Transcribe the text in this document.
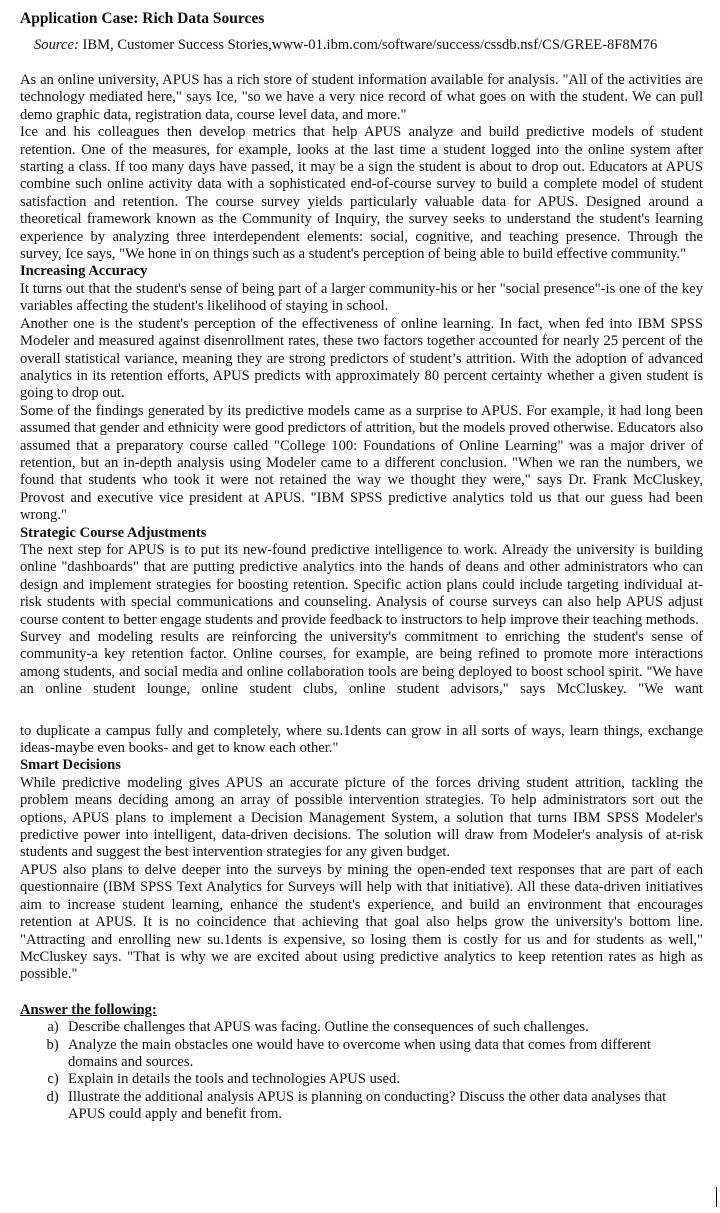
Application Case: Rich Data Sources
Source: IBM, Customer Success Stories,www-01.ibm.com/software/success/cssdb.nsf/CS/GREE-8F8M76

As an online university, APUS has a rich store of student information available for analysis. "All of the activities are technology mediated here," says Ice, "so we have a very nice record of what goes on with the student. We can pull demo graphic data, registration data, course level data, and more."

Ice and his colleagues then develop metrics that help APUS analyze and build predictive models of student retention. One of the measures, for example, looks at the last time a student logged into the online system after starting a class. If too many days have passed, it may be a sign the student is about to drop out. Educators at APUS combine such online activity data with a sophisticated end-of-course survey to build a complete model of student satisfaction and retention. The course survey yields particularly valuable data for APUS. Designed around a theoretical framework known as the Community of Inquiry, the survey seeks to understand the student's learning experience by analyzing three interdependent elements: social, cognitive, and teaching presence. Through the survey, Ice says, "We hone in on things such as a student's perception of being able to build effective community."

Increasing Accuracy

It turns out that the student's sense of being part of a larger community-his or her "social presence"-is one of the key variables affecting the student's likelihood of staying in school.

Another one is the student's perception of the effectiveness of online learning. In fact, when fed into IBM SPSS Modeler and measured against disenrollment rates, these two factors together accounted for nearly 25 percent of the overall statistical variance, meaning they are strong predictors of student’s attrition. With the adoption of advanced analytics in its retention efforts, APUS predicts with approximately 80 percent certainty whether a given student is going to drop out.

Some of the findings generated by its predictive models came as a surprise to APUS. For example, it had long been assumed that gender and ethnicity were good predictors of attrition, but the models proved otherwise. Educators also assumed that a preparatory course called "College 100: Foundations of Online Learning" was a major driver of retention, but an in-depth analysis using Modeler came to a different conclusion. "When we ran the numbers, we found that students who took it were not retained the way we thought they were," says Dr. Frank McCluskey, Provost and executive vice president at APUS. "IBM SPSS predictive analytics told us that our guess had been wrong."

Strategic Course Adjustments

The next step for APUS is to put its new-found predictive intelligence to work. Already the university is building online "dashboards" that are putting predictive analytics into the hands of deans and other administrators who can design and implement strategies for boosting retention. Specific action plans could include targeting individual at-risk students with special communications and counseling. Analysis of course surveys can also help APUS adjust course content to better engage students and provide feedback to instructors to help improve their teaching methods.

Survey and modeling results are reinforcing the university's commitment to enriching the student's sense of community-a key retention factor. Online courses, for example, are being refined to promote more interactions among students, and social media and online collaboration tools are being deployed to boost school spirit. "We have an online student lounge, online student clubs, online student advisors," says McCluskey. "We want

to duplicate a campus fully and completely, where su.1dents can grow in all sorts of ways, learn things, exchange ideas-maybe even books- and get to know each other."

Smart Decisions

While predictive modeling gives APUS an accurate picture of the forces driving student attrition, tackling the problem means deciding among an array of possible intervention strategies. To help administrators sort out the options, APUS plans to implement a Decision Management System, a solution that turns IBM SPSS Modeler's predictive power into intelligent, data-driven decisions. The solution will draw from Modeler's analysis of at-risk students and suggest the best intervention strategies for any given budget.

APUS also plans to delve deeper into the surveys by mining the open-ended text responses that are part of each questionnaire (IBM SPSS Text Analytics for Surveys will help with that initiative). All these data-driven initiatives aim to increase student learning, enhance the student's experience, and build an environment that encourages retention at APUS. It is no coincidence that achieving that goal also helps grow the university's bottom line. "Attracting and enrolling new su.1dents is expensive, so losing them is costly for us and for students as well," McCluskey says. "That is why we are excited about using predictive analytics to keep retention rates as high as possible."

Answer the following:
a. Describe challenges that APUS was facing. Outline the consequences of such challenges.
b. Analyze the main obstacles one would have to overcome when using data that comes from different domains and sources.
c. Explain in details the tools and technologies APUS used.
d. Illustrate the additional analysis APUS is planning on conducting? Discuss the other data analyses that APUS could apply and benefit from.
